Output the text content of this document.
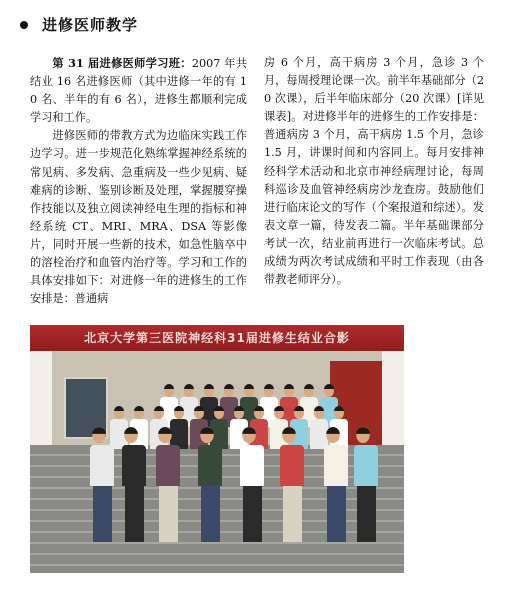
进修医师教学

第 31 届进修医师学习班：2007 年共结业 16 名进修医师（其中进修一年的有 10 名、半年的有 6 名），进修生都顺利完成学习和工作。

进修医师的带教方式为边临床实践工作边学习。进一步规范化熟练掌握神经系统的常见病、多发病、急重病及一些少见病、疑难病的诊断、鉴别诊断及处理，掌握腰穿操作技能以及独立阅读神经电生理的指标和神经系统 CT、MRI、MRA、DSA 等影像片，同时开展一些新的技术，如急性脑卒中的溶栓治疗和血管内治疗等。学习和工作的具体安排如下：对进修一年的进修生的工作安排是：普通病

房 6 个月，高干病房 3 个月，急诊 3 个月，每周授理论课一次。前半年基础部分（20 次课），后半年临床部分（20 次课）[详见课表]。对进修半年的进修生的工作安排是：普通病房 3 个月，高干病房 1.5 个月，急诊 1.5 月，讲课时间和内容同上。每月安排神经科学术活动和北京市神经病理讨论，每周科巡诊及血管神经病房沙龙查房。鼓励他们进行临床论文的写作（个案报道和综述）。发表文章一篇，待发表二篇。半年基础课部分考试一次，结业前再进行一次临床考试。总成绩为两次考试成绩和平时工作表现（由各带教老师评分）。

北京大学第三医院神经科31届进修生结业合影
